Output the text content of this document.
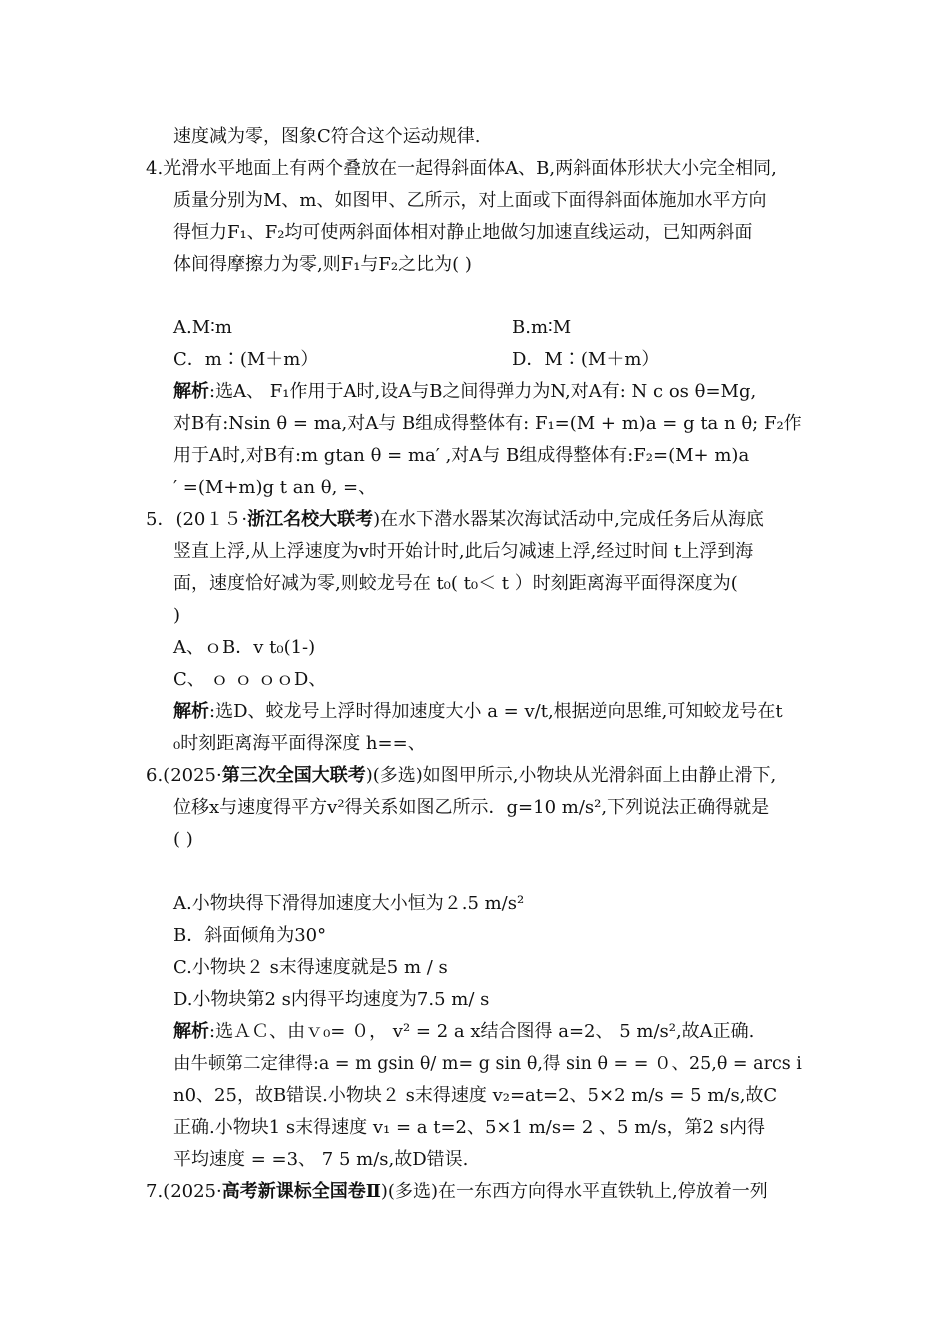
速度减为零，图象C符合这个运动规律.
4.光滑水平地面上有两个叠放在一起得斜面体A、B,两斜面体形状大小完全相同,
质量分别为M、m、如图甲、乙所示，对上面或下面得斜面体施加水平方向
得恒力F₁、F₂均可使两斜面体相对静止地做匀加速直线运动，已知两斜面
体间得摩擦力为零,则F₁与F₂之比为( )
A.M∶m	B.m∶M
C．m∶(M＋m）	D．M∶(M＋m）
解析:选A、 F₁作用于A时,设A与B之间得弹力为N,对A有: N c os θ=Mg,
对B有:Nsin θ = ma,对A与 B组成得整体有: F₁=(M + m)a = g ta n θ; F₂作
用于A时,对B有:m gtan θ = ma′ ,对A与 B组成得整体有:F₂=(M+ m)a
′ =(M+m)g t an θ, =、
5．(20１５·浙江名校大联考)在水下潜水器某次海试活动中,完成任务后从海底
竖直上浮,从上浮速度为v时开始计时,此后匀减速上浮,经过时间 t上浮到海
面，速度恰好减为零,则蛟龙号在 t₀( t₀＜ t ）时刻距离海平面得深度为(
)
A、ｏB．v t₀(1-)
C、 ｏ ｏ ｏｏD、
解析:选D、蛟龙号上浮时得加速度大小 a = v/t,根据逆向思维,可知蛟龙号在t
₀时刻距离海平面得深度 h==、
6.(2025·第三次全国大联考)(多选)如图甲所示,小物块从光滑斜面上由静止滑下,
位移x与速度得平方v²得关系如图乙所示．g=10 m/s²,下列说法正确得就是
( )
A.小物块得下滑得加速度大小恒为２.5 m/s²
B．斜面倾角为30°
C.小物块２ s末得速度就是5 m / s
D.小物块第2 s内得平均速度为7.5 m/ s
解析:选ＡＣ、由ｖ₀= ０， v² = 2 a x结合图得 a=2、 5 m/s²,故A正确.
由牛顿第二定律得:a = m gsin θ/ m= g sin θ,得 sin θ = = ０、25,θ = arcs i
n0、25，故B错误.小物块２ s末得速度 v₂=at=2、5×2 m/s = 5 m/s,故C
正确.小物块1 s末得速度 v₁ = a t=2、5×1 m/s= 2 、5 m/s，第2 s内得
平均速度 = =3、 7 5 m/s,故D错误.
7.(2025·高考新课标全国卷Ⅱ)(多选)在一东西方向得水平直铁轨上,停放着一列
